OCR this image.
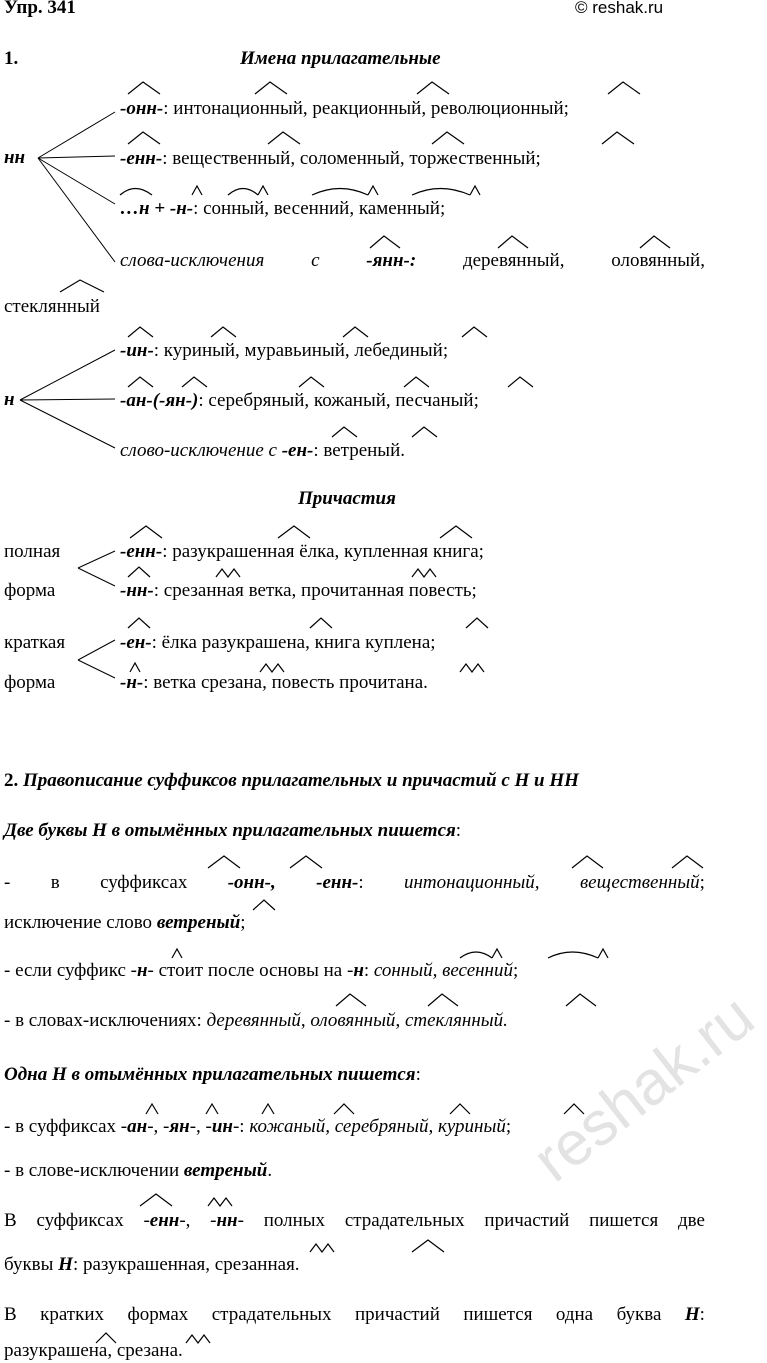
reshak.ru
Упр. 341	© reshak.ru
1.	Имена прилагательные
нн
-онн-: интонационный, реакционный, революционный;
-енн-: вещественный, соломенный, торжественный;
…н + -н-: сонный, весенний, каменный;
слова-исключения с -янн-: деревянный, оловянный,
стеклянный
н
-ин-: куриный, муравьиный, лебединый;
-ан-(-ян-): серебряный, кожаный, песчаный;
слово-исключение с -ен-: ветреный.
Причастия
полная
форма
-енн-: разукрашенная ёлка, купленная книга;
-нн-: срезанная ветка, прочитанная повесть;
краткая
форма
-ен-: ёлка разукрашена, книга куплена;
-н-: ветка срезана, повесть прочитана.
2. Правописание суффиксов прилагательных и причастий с Н и НН
Две буквы Н в отымённых прилагательных пишется:
- в суффиксах -онн-, -енн-: интонационный, вещественный;
исключение слово ветреный;
- если суффикс -н- стоит после основы на -н: сонный, весенний;
- в словах-исключениях: деревянный, оловянный, стеклянный.
Одна Н в отымённых прилагательных пишется:
- в суффиксах -ан-, -ян-, -ин-: кожаный, серебряный, куриный;
- в слове-исключении ветреный.
В суффиксах -енн-, -нн- полных страдательных причастий пишется две
буквы Н: разукрашенная, срезанная.
В кратких формах страдательных причастий пишется одна буква Н:
разукрашена, срезана.
